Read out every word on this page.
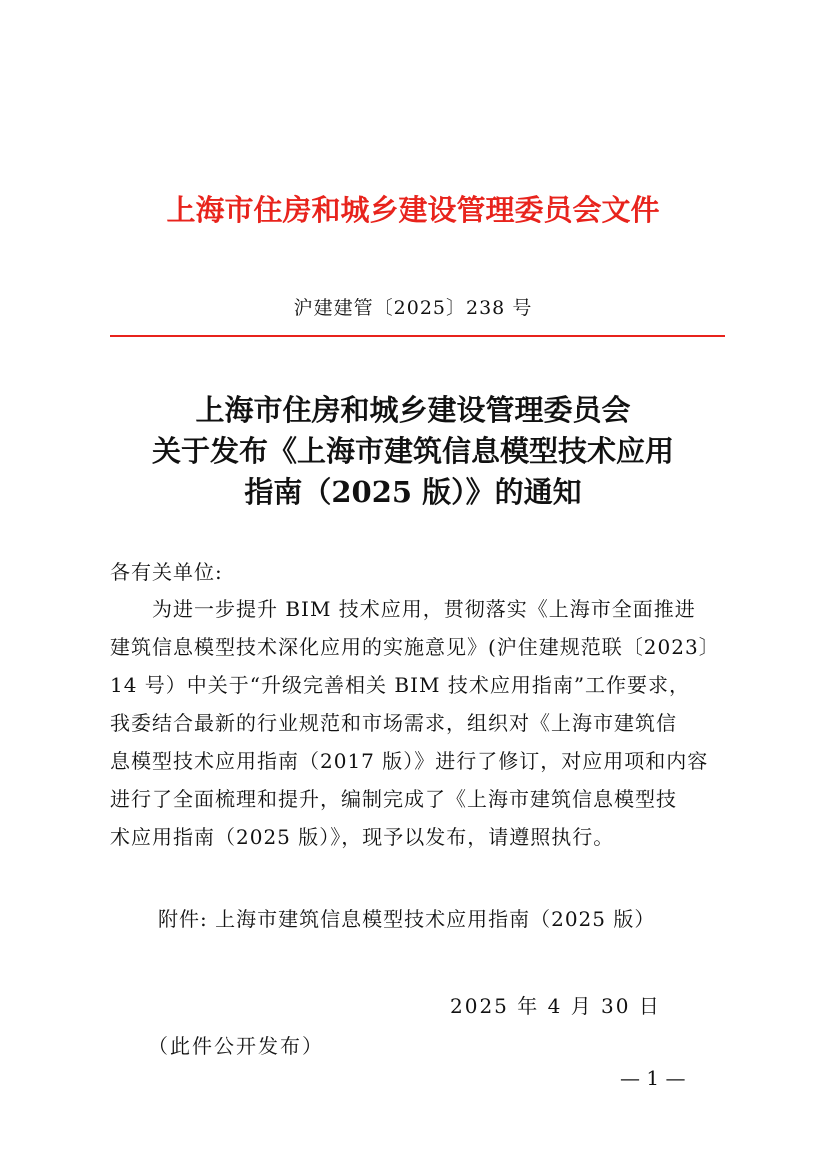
上海市住房和城乡建设管理委员会文件
沪建建管〔2025〕238 号
上海市住房和城乡建设管理委员会
关于发布《上海市建筑信息模型技术应用
指南（2025 版）》的通知
各有关单位:
为进一步提升 BIM 技术应用，贯彻落实《上海市全面推进
建筑信息模型技术深化应用的实施意见》(沪住建规范联〔2023〕
14 号）中关于“升级完善相关 BIM 技术应用指南”工作要求，
我委结合最新的行业规范和市场需求，组织对《上海市建筑信
息模型技术应用指南（2017 版）》进行了修订，对应用项和内容
进行了全面梳理和提升，编制完成了《上海市建筑信息模型技
术应用指南（2025 版）》，现予以发布，请遵照执行。
附件: 上海市建筑信息模型技术应用指南（2025 版）
2025 年 4 月 30 日
（此件公开发布）
— 1 —
